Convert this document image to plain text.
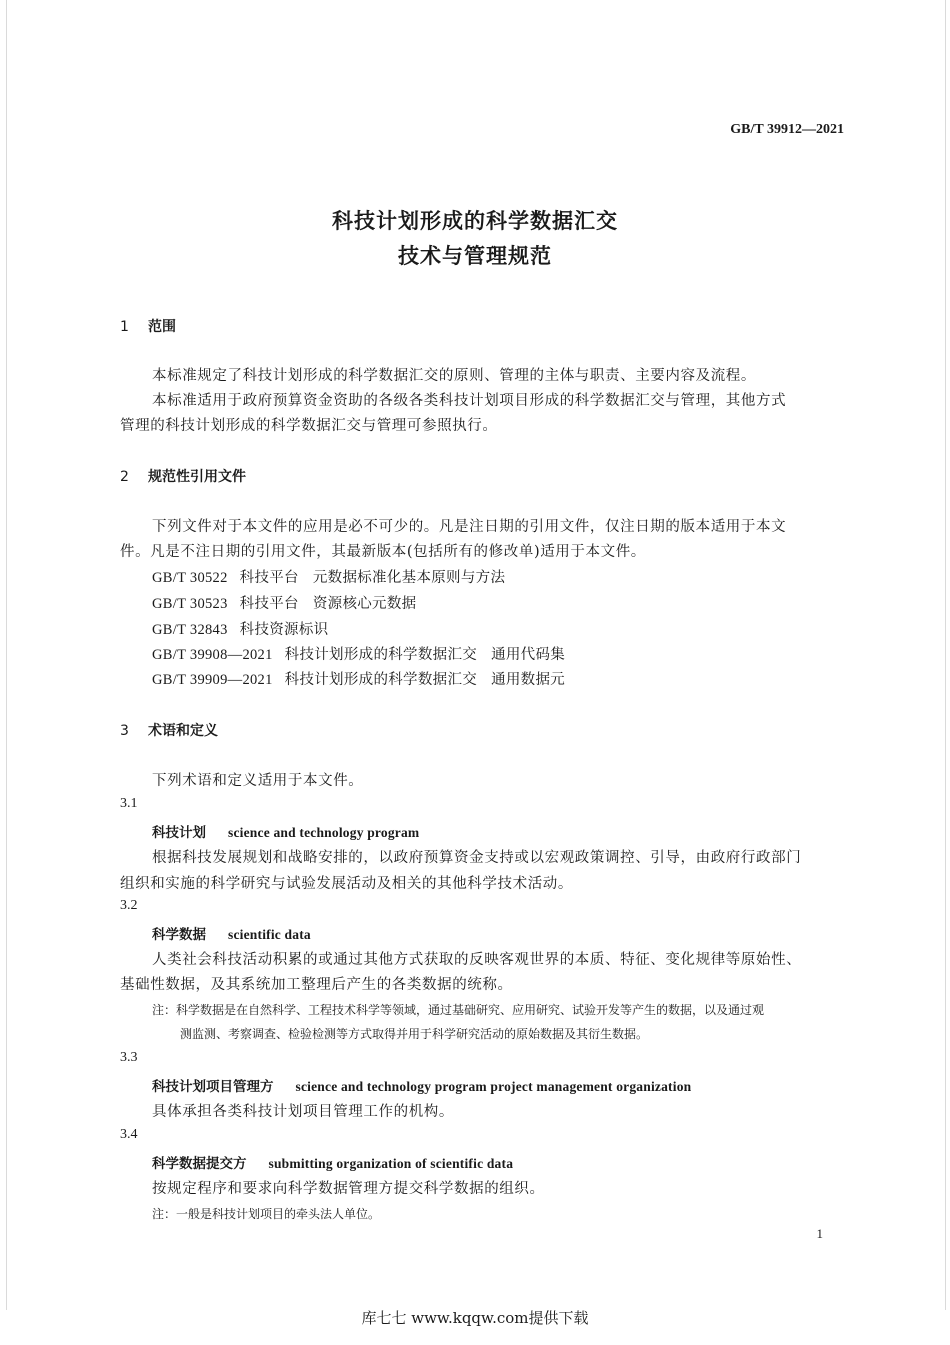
GB/T 39912—2021
科技计划形成的科学数据汇交
技术与管理规范
1 范围
本标准规定了科技计划形成的科学数据汇交的原则、管理的主体与职责、主要内容及流程。
本标准适用于政府预算资金资助的各级各类科技计划项目形成的科学数据汇交与管理，其他方式
管理的科技计划形成的科学数据汇交与管理可参照执行。
2 规范性引用文件
下列文件对于本文件的应用是必不可少的。凡是注日期的引用文件，仅注日期的版本适用于本文
件。凡是不注日期的引用文件，其最新版本(包括所有的修改单)适用于本文件。
GB/T 30522 科技平台 元数据标准化基本原则与方法
GB/T 30523 科技平台 资源核心元数据
GB/T 32843 科技资源标识
GB/T 39908—2021 科技计划形成的科学数据汇交 通用代码集
GB/T 39909—2021 科技计划形成的科学数据汇交 通用数据元
3 术语和定义
下列术语和定义适用于本文件。
3.1
科技计划 science and technology program
根据科技发展规划和战略安排的，以政府预算资金支持或以宏观政策调控、引导，由政府行政部门
组织和实施的科学研究与试验发展活动及相关的其他科学技术活动。
3.2
科学数据 scientific data
人类社会科技活动积累的或通过其他方式获取的反映客观世界的本质、特征、变化规律等原始性、
基础性数据，及其系统加工整理后产生的各类数据的统称。
注：科学数据是在自然科学、工程技术科学等领域，通过基础研究、应用研究、试验开发等产生的数据，以及通过观
测监测、考察调查、检验检测等方式取得并用于科学研究活动的原始数据及其衍生数据。
3.3
科技计划项目管理方 science and technology program project management organization
具体承担各类科技计划项目管理工作的机构。
3.4
科学数据提交方 submitting organization of scientific data
按规定程序和要求向科学数据管理方提交科学数据的组织。
注：一般是科技计划项目的牵头法人单位。
1
库七七 www.kqqw.com提供下载
